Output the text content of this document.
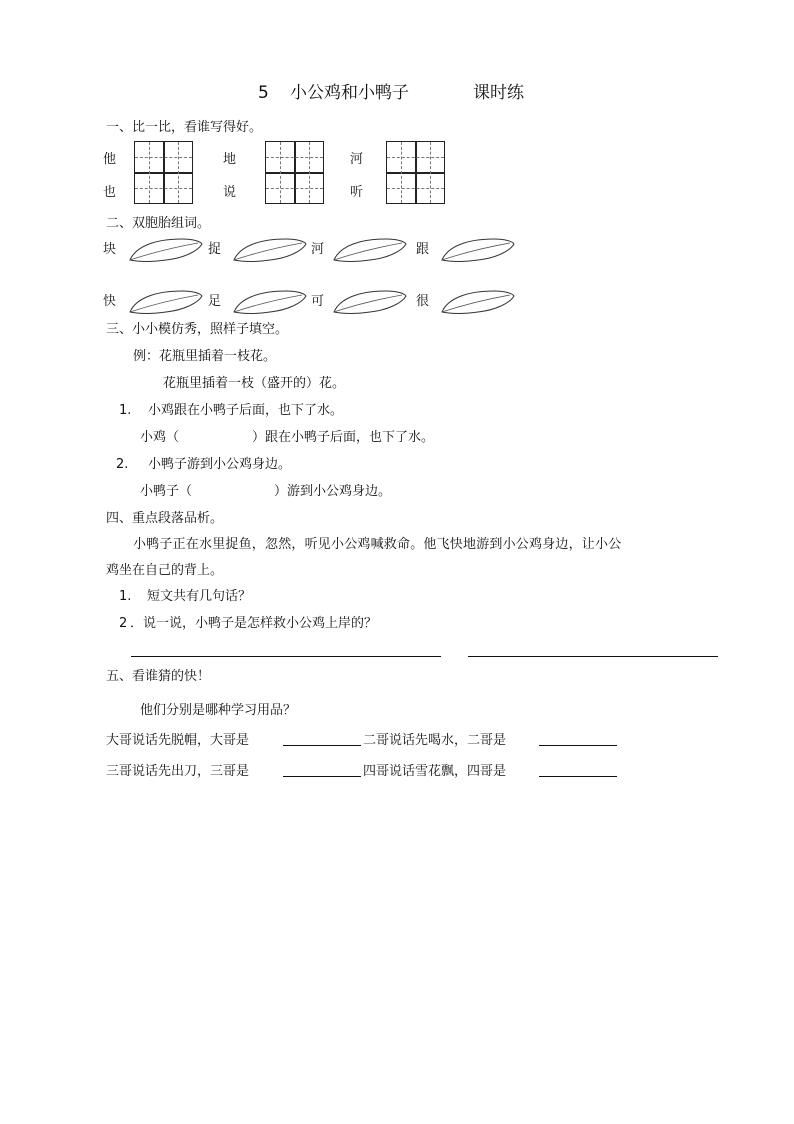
5 小公鸡和小鸭子	课时练
一、比一比，看谁写得好。
他	地	河
也	说	听
二、双胞胎组词。
块	捉	河	跟
快	足	可	很
三、小小模仿秀，照样子填空。
例：花瓶里插着一枝花。
花瓶里插着一枝（盛开的）花。
1. 小鸡跟在小鸭子后面，也下了水。
小鸡（	）跟在小鸭子后面，也下了水。
2. 小鸭子游到小公鸡身边。
小鸭子（	）游到小公鸡身边。
四、重点段落品析。
小鸭子正在水里捉鱼，忽然，听见小公鸡喊救命。他飞快地游到小公鸡身边，让小公
鸡坐在自己的背上。
1. 短文共有几句话？
2 ．说一说，小鸭子是怎样救小公鸡上岸的？
五、看谁猜的快！
他们分别是哪种学习用品？
大哥说话先脱帽，大哥是	二哥说话先喝水，二哥是
三哥说话先出刀，三哥是	四哥说话雪花飘，四哥是
